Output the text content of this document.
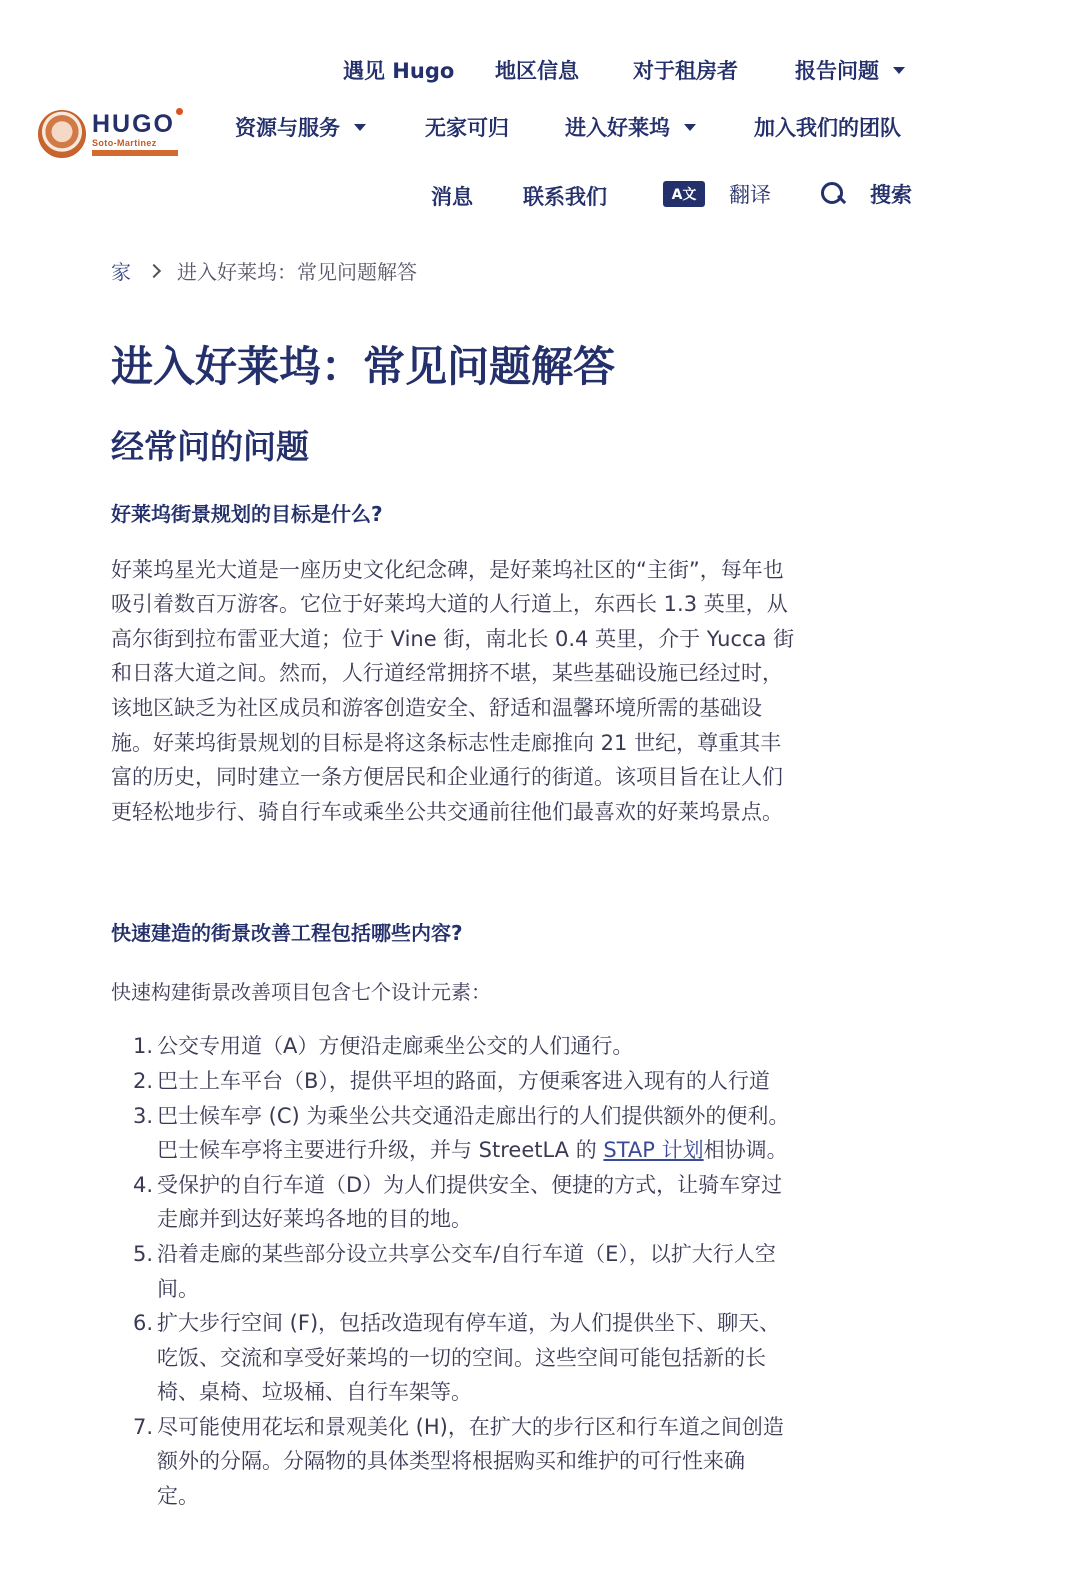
HUGO
Soto-Martinez
遇见 Hugo 地区信息	对于租房者	报告问题
资源与服务	无家可归	进入好莱坞	加入我们的团队
消息 联系我们	A文	翻译	搜索
家 进入好莱坞：常见问题解答
进入好莱坞：常见问题解答
经常问的问题
好莱坞街景规划的目标是什么?
好莱坞星光大道是一座历史文化纪念碑，是好莱坞社区的“主街”，每年也
吸引着数百万游客。它位于好莱坞大道的人行道上，东西长 1.3 英里，从
高尔街到拉布雷亚大道；位于 Vine 街，南北长 0.4 英里，介于 Yucca 街
和日落大道之间。然而，人行道经常拥挤不堪，某些基础设施已经过时，
该地区缺乏为社区成员和游客创造安全、舒适和温馨环境所需的基础设
施。好莱坞街景规划的目标是将这条标志性走廊推向 21 世纪，尊重其丰
富的历史，同时建立一条方便居民和企业通行的街道。该项目旨在让人们
更轻松地步行、骑自行车或乘坐公共交通前往他们最喜欢的好莱坞景点。
快速建造的街景改善工程包括哪些内容?

快速构建街景改善项目包含七个设计元素：

1. 公交专用道（A）方便沿走廊乘坐公交的人们通行。
2. 巴士上车平台（B），提供平坦的路面，方便乘客进入现有的人行道
3. 巴士候车亭 (C) 为乘坐公共交通沿走廊出行的人们提供额外的便利。
巴士候车亭将主要进行升级，并与 StreetLA 的 STAP 计划相协调。
4. 受保护的自行车道（D）为人们提供安全、便捷的方式，让骑车穿过
走廊并到达好莱坞各地的目的地。
5. 沿着走廊的某些部分设立共享公交车/自行车道（E），以扩大行人空
间。
6. 扩大步行空间 (F)，包括改造现有停车道，为人们提供坐下、聊天、
吃饭、交流和享受好莱坞的一切的空间。这些空间可能包括新的长
椅、桌椅、垃圾桶、自行车架等。
7. 尽可能使用花坛和景观美化 (H)，在扩大的步行区和行车道之间创造
额外的分隔。分隔物的具体类型将根据购买和维护的可行性来确
定。
